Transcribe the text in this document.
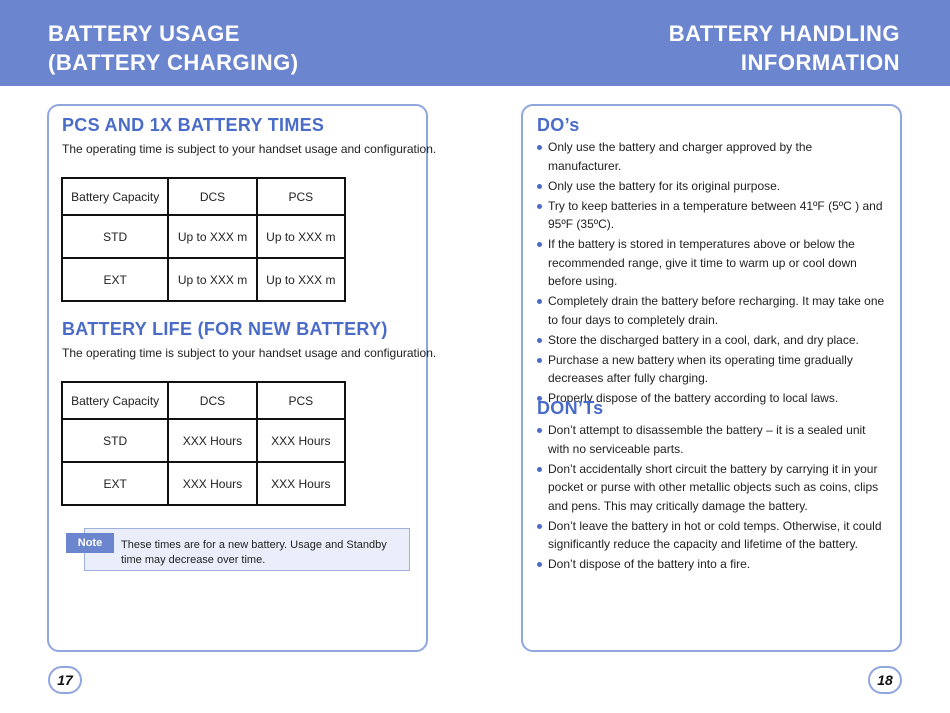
BATTERY USAGE
(BATTERY CHARGING)
BATTERY HANDLING
INFORMATION
PCS AND 1X BATTERY TIMES
The operating time is subject to your handset usage and configuration.
Battery Capacity	DCS	PCS
STD	Up to XXX m	Up to XXX m
EXT	Up to XXX m	Up to XXX m
BATTERY LIFE (FOR NEW BATTERY)
The operating time is subject to your handset usage and configuration.
Battery Capacity	DCS	PCS
STD	XXX Hours	XXX Hours
EXT	XXX Hours	XXX Hours
Note	These times are for a new battery. Usage and Standby time may decrease over time.
DO’s
Only use the battery and charger approved by the manufacturer.
Only use the battery for its original purpose.
Try to keep batteries in a temperature between 41ºF (5ºC ) and 95ºF (35ºC).
If the battery is stored in temperatures above or below the recommended range, give it time to warm up or cool down before using.
Completely drain the battery before recharging. It may take one to four days to completely drain.
Store the discharged battery in a cool, dark, and dry place.
Purchase a new battery when its operating time gradually decreases after fully charging.
Properly dispose of the battery according to local laws.
DON’Ts
Don’t attempt to disassemble the battery – it is a sealed unit with no serviceable parts.
Don’t accidentally short circuit the battery by carrying it in your pocket or purse with other metallic objects such as coins, clips and pens. This may critically damage the battery.
Don’t leave the battery in hot or cold temps. Otherwise, it could significantly reduce the capacity and lifetime of the battery.
Don’t dispose of the battery into a fire.
17	18
